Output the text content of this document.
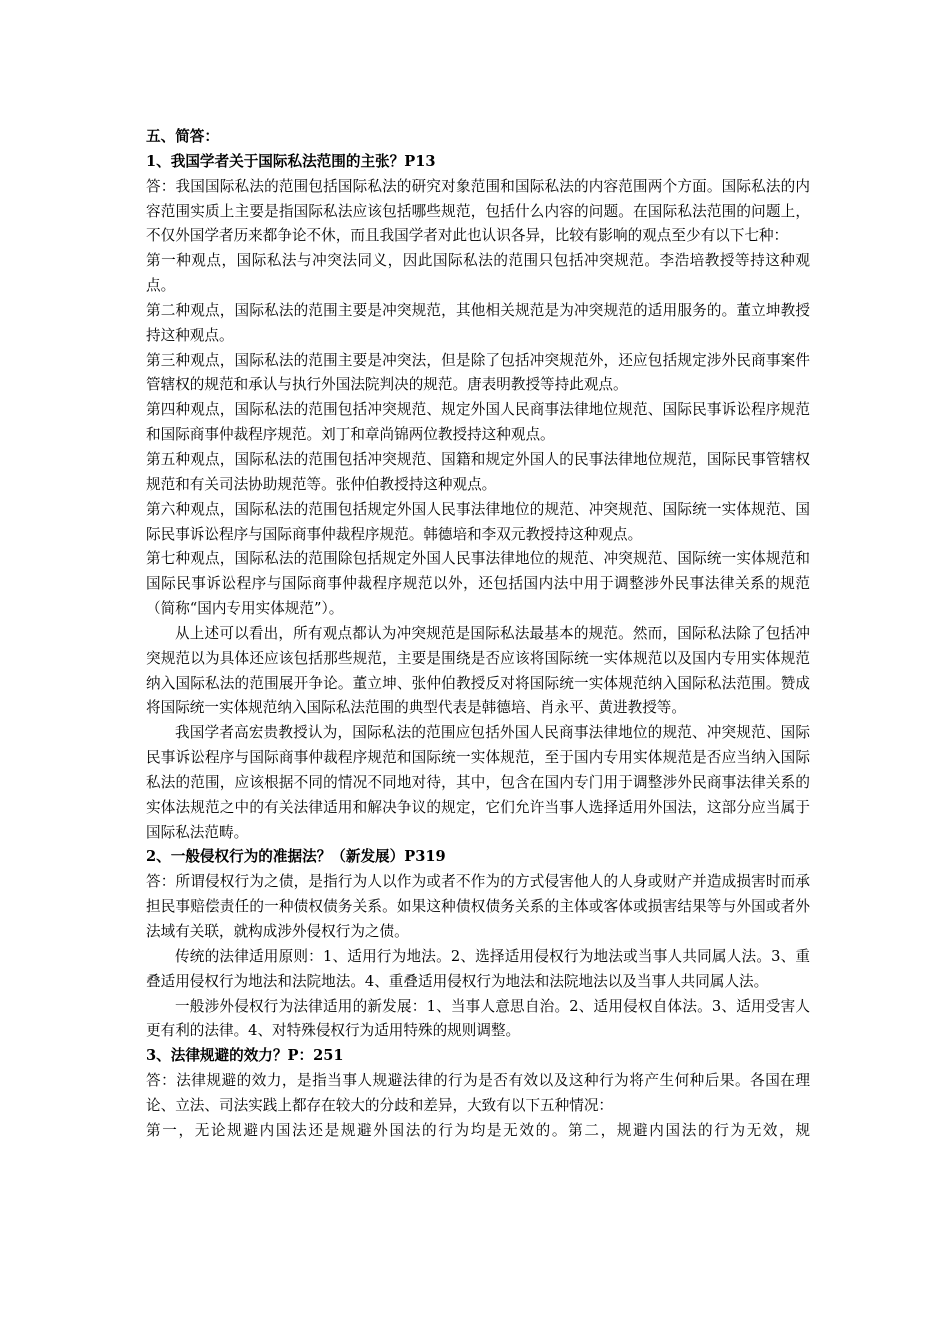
五、简答：
1、我国学者关于国际私法范围的主张？P13
答：我国国际私法的范围包括国际私法的研究对象范围和国际私法的内容范围两个方面。国际私法的内容范围实质上主要是指国际私法应该包括哪些规范，包括什么内容的问题。在国际私法范围的问题上，不仅外国学者历来都争论不休，而且我国学者对此也认识各异，比较有影响的观点至少有以下七种：
第一种观点，国际私法与冲突法同义，因此国际私法的范围只包括冲突规范。李浩培教授等持这种观点。
第二种观点，国际私法的范围主要是冲突规范，其他相关规范是为冲突规范的适用服务的。董立坤教授持这种观点。
第三种观点，国际私法的范围主要是冲突法，但是除了包括冲突规范外，还应包括规定涉外民商事案件管辖权的规范和承认与执行外国法院判决的规范。唐表明教授等持此观点。
第四种观点，国际私法的范围包括冲突规范、规定外国人民商事法律地位规范、国际民事诉讼程序规范和国际商事仲裁程序规范。刘丁和章尚锦两位教授持这种观点。
第五种观点，国际私法的范围包括冲突规范、国籍和规定外国人的民事法律地位规范，国际民事管辖权规范和有关司法协助规范等。张仲伯教授持这种观点。
第六种观点，国际私法的范围包括规定外国人民事法律地位的规范、冲突规范、国际统一实体规范、国际民事诉讼程序与国际商事仲裁程序规范。韩德培和李双元教授持这种观点。
第七种观点，国际私法的范围除包括规定外国人民事法律地位的规范、冲突规范、国际统一实体规范和国际民事诉讼程序与国际商事仲裁程序规范以外，还包括国内法中用于调整涉外民事法律关系的规范（简称“国内专用实体规范”）。
从上述可以看出，所有观点都认为冲突规范是国际私法最基本的规范。然而，国际私法除了包括冲突规范以为具体还应该包括那些规范，主要是围绕是否应该将国际统一实体规范以及国内专用实体规范纳入国际私法的范围展开争论。董立坤、张仲伯教授反对将国际统一实体规范纳入国际私法范围。赞成将国际统一实体规范纳入国际私法范围的典型代表是韩德培、肖永平、黄进教授等。
我国学者高宏贵教授认为，国际私法的范围应包括外国人民商事法律地位的规范、冲突规范、国际民事诉讼程序与国际商事仲裁程序规范和国际统一实体规范，至于国内专用实体规范是否应当纳入国际私法的范围，应该根据不同的情况不同地对待，其中，包含在国内专门用于调整涉外民商事法律关系的实体法规范之中的有关法律适用和解决争议的规定，它们允许当事人选择适用外国法，这部分应当属于国际私法范畴。
2、一般侵权行为的准据法？（新发展）P319
答：所谓侵权行为之债，是指行为人以作为或者不作为的方式侵害他人的人身或财产并造成损害时而承担民事赔偿责任的一种债权债务关系。如果这种债权债务关系的主体或客体或损害结果等与外国或者外法域有关联，就构成涉外侵权行为之债。
传统的法律适用原则：1、适用行为地法。2、选择适用侵权行为地法或当事人共同属人法。3、重叠适用侵权行为地法和法院地法。4、重叠适用侵权行为地法和法院地法以及当事人共同属人法。
一般涉外侵权行为法律适用的新发展：1、当事人意思自治。2、适用侵权自体法。3、适用受害人更有利的法律。4、对特殊侵权行为适用特殊的规则调整。
3、法律规避的效力？P：251
答：法律规避的效力，是指当事人规避法律的行为是否有效以及这种行为将产生何种后果。各国在理论、立法、司法实践上都存在较大的分歧和差异，大致有以下五种情况：
第一，无论规避内国法还是规避外国法的行为均是无效的。第二，规避内国法的行为无效，规
